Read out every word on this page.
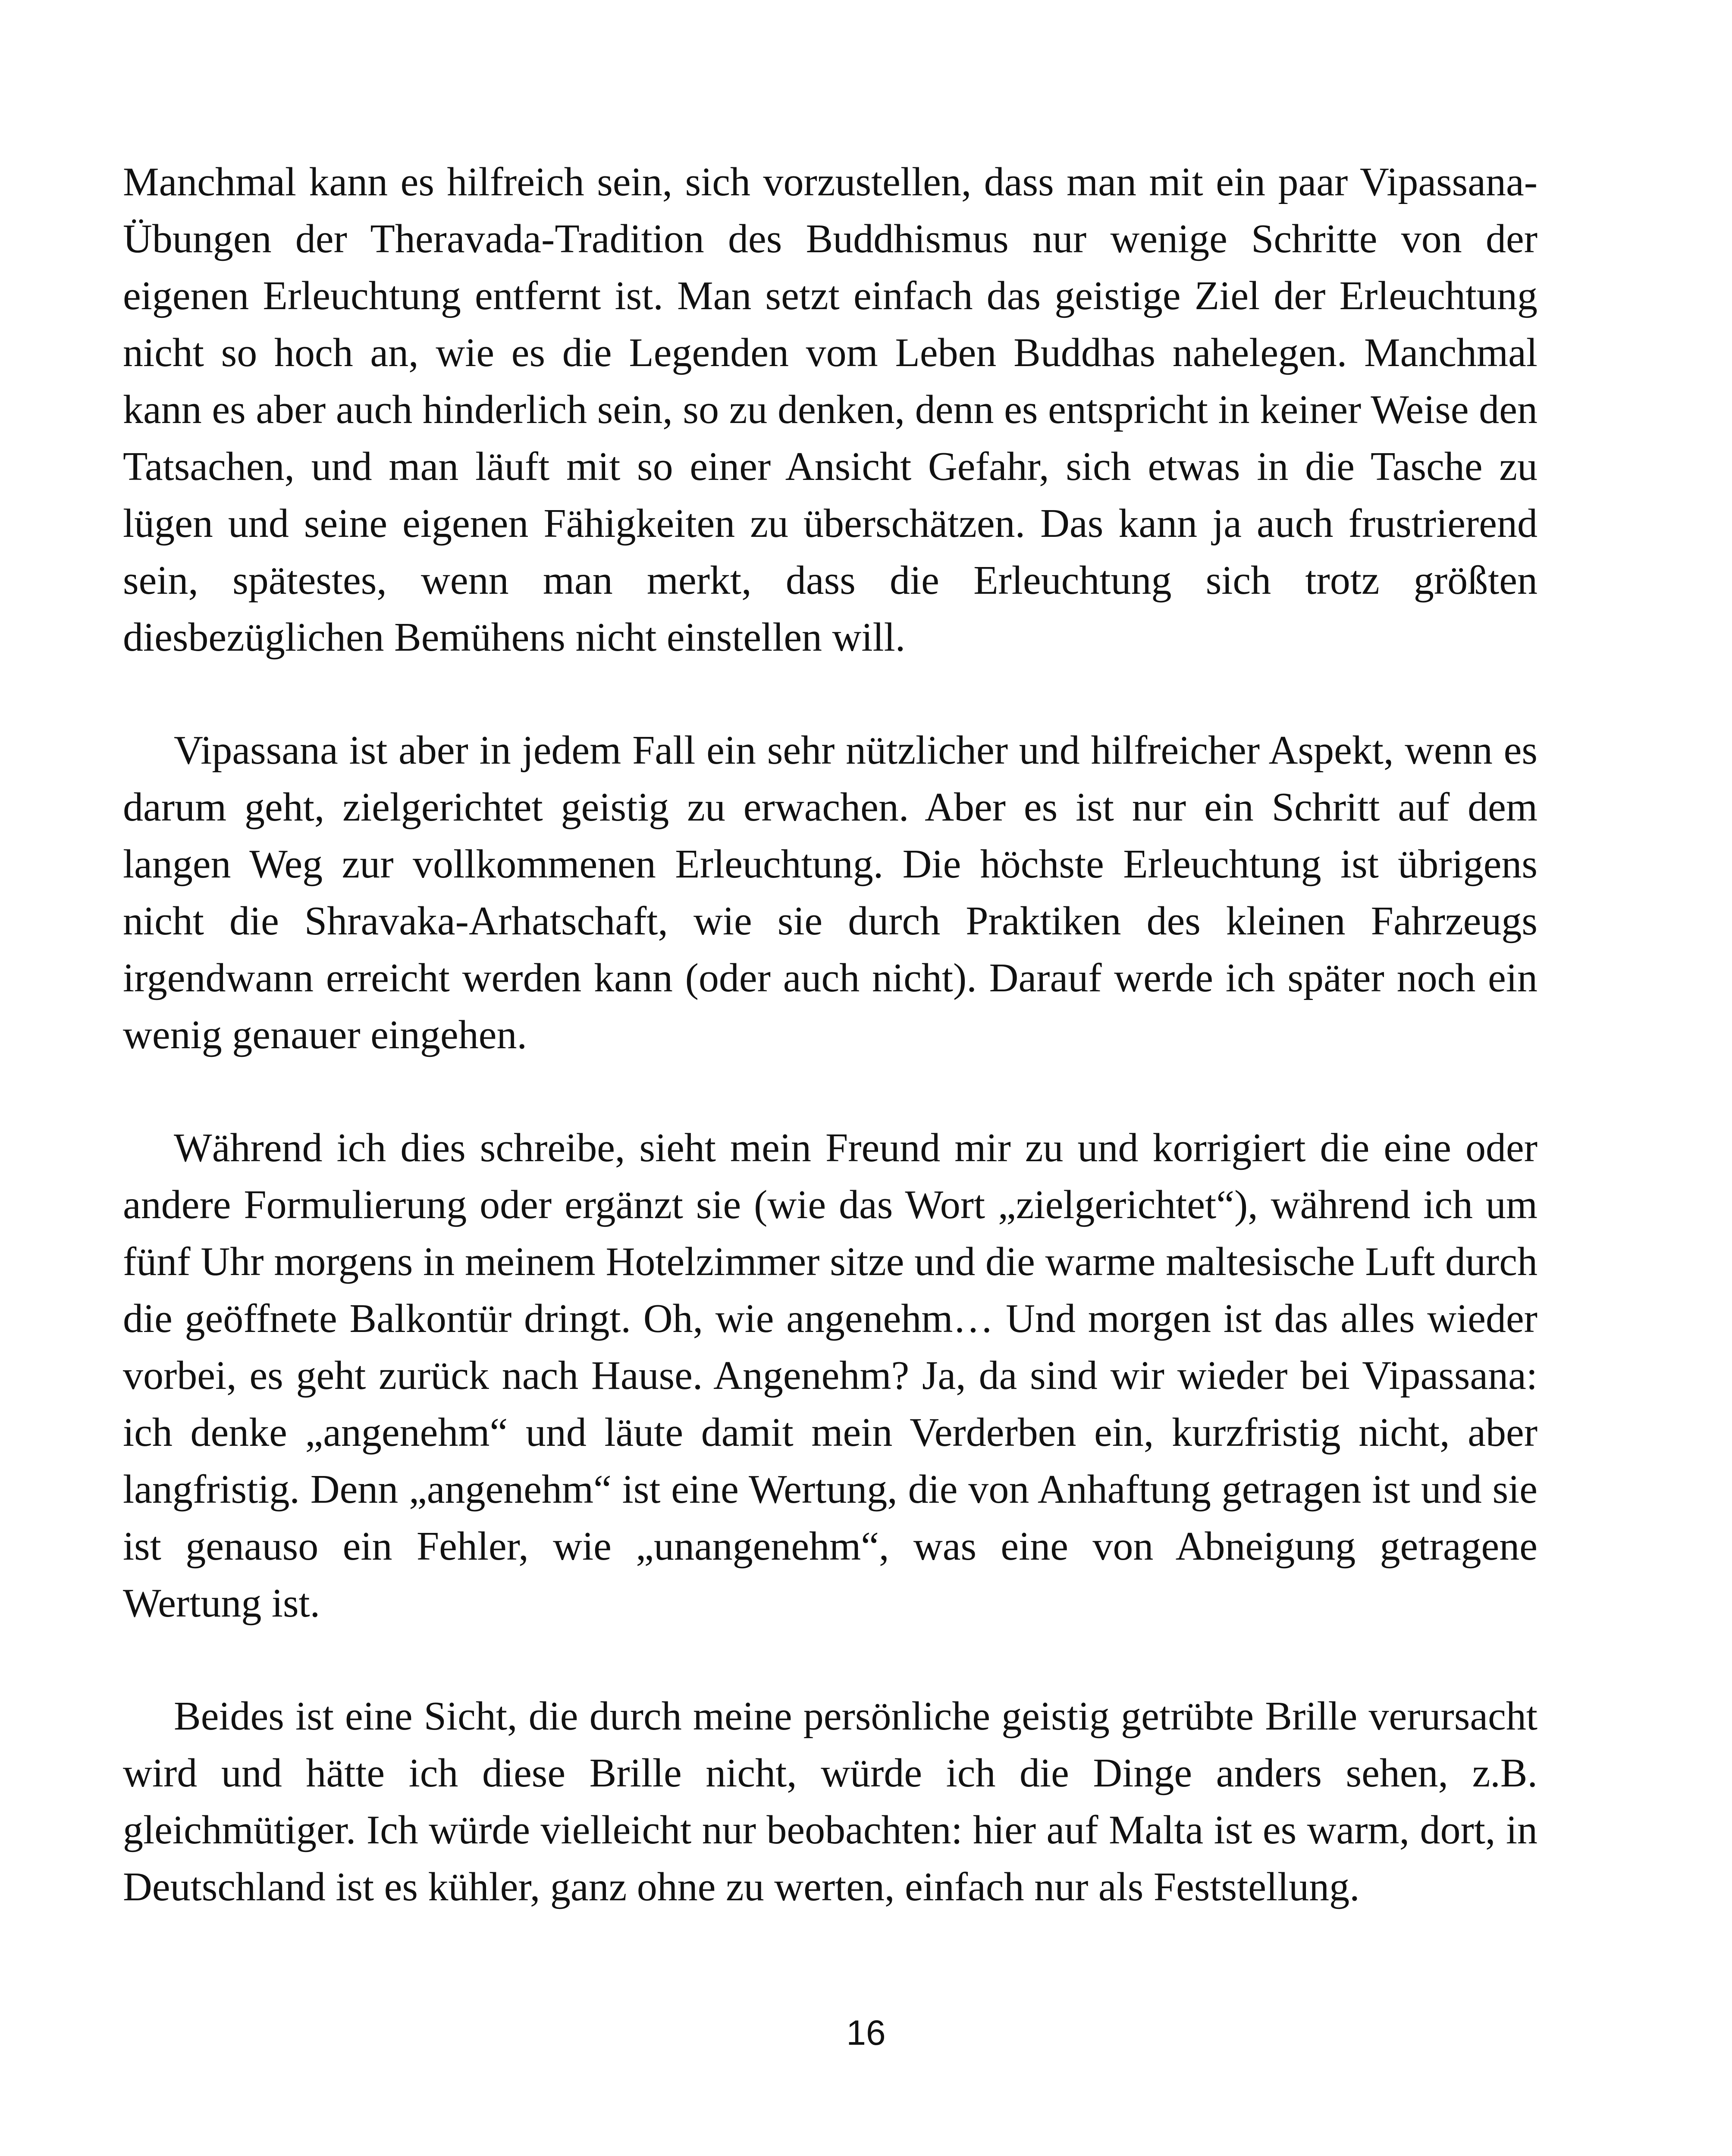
Manchmal kann es hilfreich sein, sich vorzustellen, dass man mit ein paar Vipassana-Übungen der Theravada-Tradition des Buddhismus nur wenige Schritte von der eigenen Erleuchtung entfernt ist. Man setzt einfach das geistige Ziel der Erleuchtung nicht so hoch an, wie es die Legenden vom Leben Buddhas nahelegen. Manchmal kann es aber auch hinderlich sein, so zu denken, denn es entspricht in keiner Weise den Tatsachen, und man läuft mit so einer Ansicht Gefahr, sich etwas in die Tasche zu lügen und seine eigenen Fähigkeiten zu überschätzen. Das kann ja auch frustrierend sein, spätestes, wenn man merkt, dass die Erleuchtung sich trotz größten diesbezüglichen Bemühens nicht einstellen will.

Vipassana ist aber in jedem Fall ein sehr nützlicher und hilfreicher Aspekt, wenn es darum geht, zielgerichtet geistig zu erwachen. Aber es ist nur ein Schritt auf dem langen Weg zur vollkommenen Erleuchtung. Die höchste Erleuchtung ist übrigens nicht die Shravaka-Arhatschaft, wie sie durch Praktiken des kleinen Fahrzeugs irgendwann erreicht werden kann (oder auch nicht). Darauf werde ich später noch ein wenig genauer eingehen.

Während ich dies schreibe, sieht mein Freund mir zu und korrigiert die eine oder andere Formulierung oder ergänzt sie (wie das Wort „zielgerichtet“), während ich um fünf Uhr morgens in meinem Hotelzimmer sitze und die warme maltesische Luft durch die geöffnete Balkontür dringt. Oh, wie angenehm… Und morgen ist das alles wieder vorbei, es geht zurück nach Hause. Angenehm? Ja, da sind wir wieder bei Vipassana: ich denke „angenehm“ und läute damit mein Verderben ein, kurzfristig nicht, aber langfristig. Denn „angenehm“ ist eine Wertung, die von Anhaftung getragen ist und sie ist genauso ein Fehler, wie „unangenehm“, was eine von Abneigung getragene Wertung ist.

Beides ist eine Sicht, die durch meine persönliche geistig getrübte Brille verursacht wird und hätte ich diese Brille nicht, würde ich die Dinge anders sehen, z.B. gleichmütiger. Ich würde vielleicht nur beobachten: hier auf Malta ist es warm, dort, in Deutschland ist es kühler, ganz ohne zu werten, einfach nur als Feststellung.

16
